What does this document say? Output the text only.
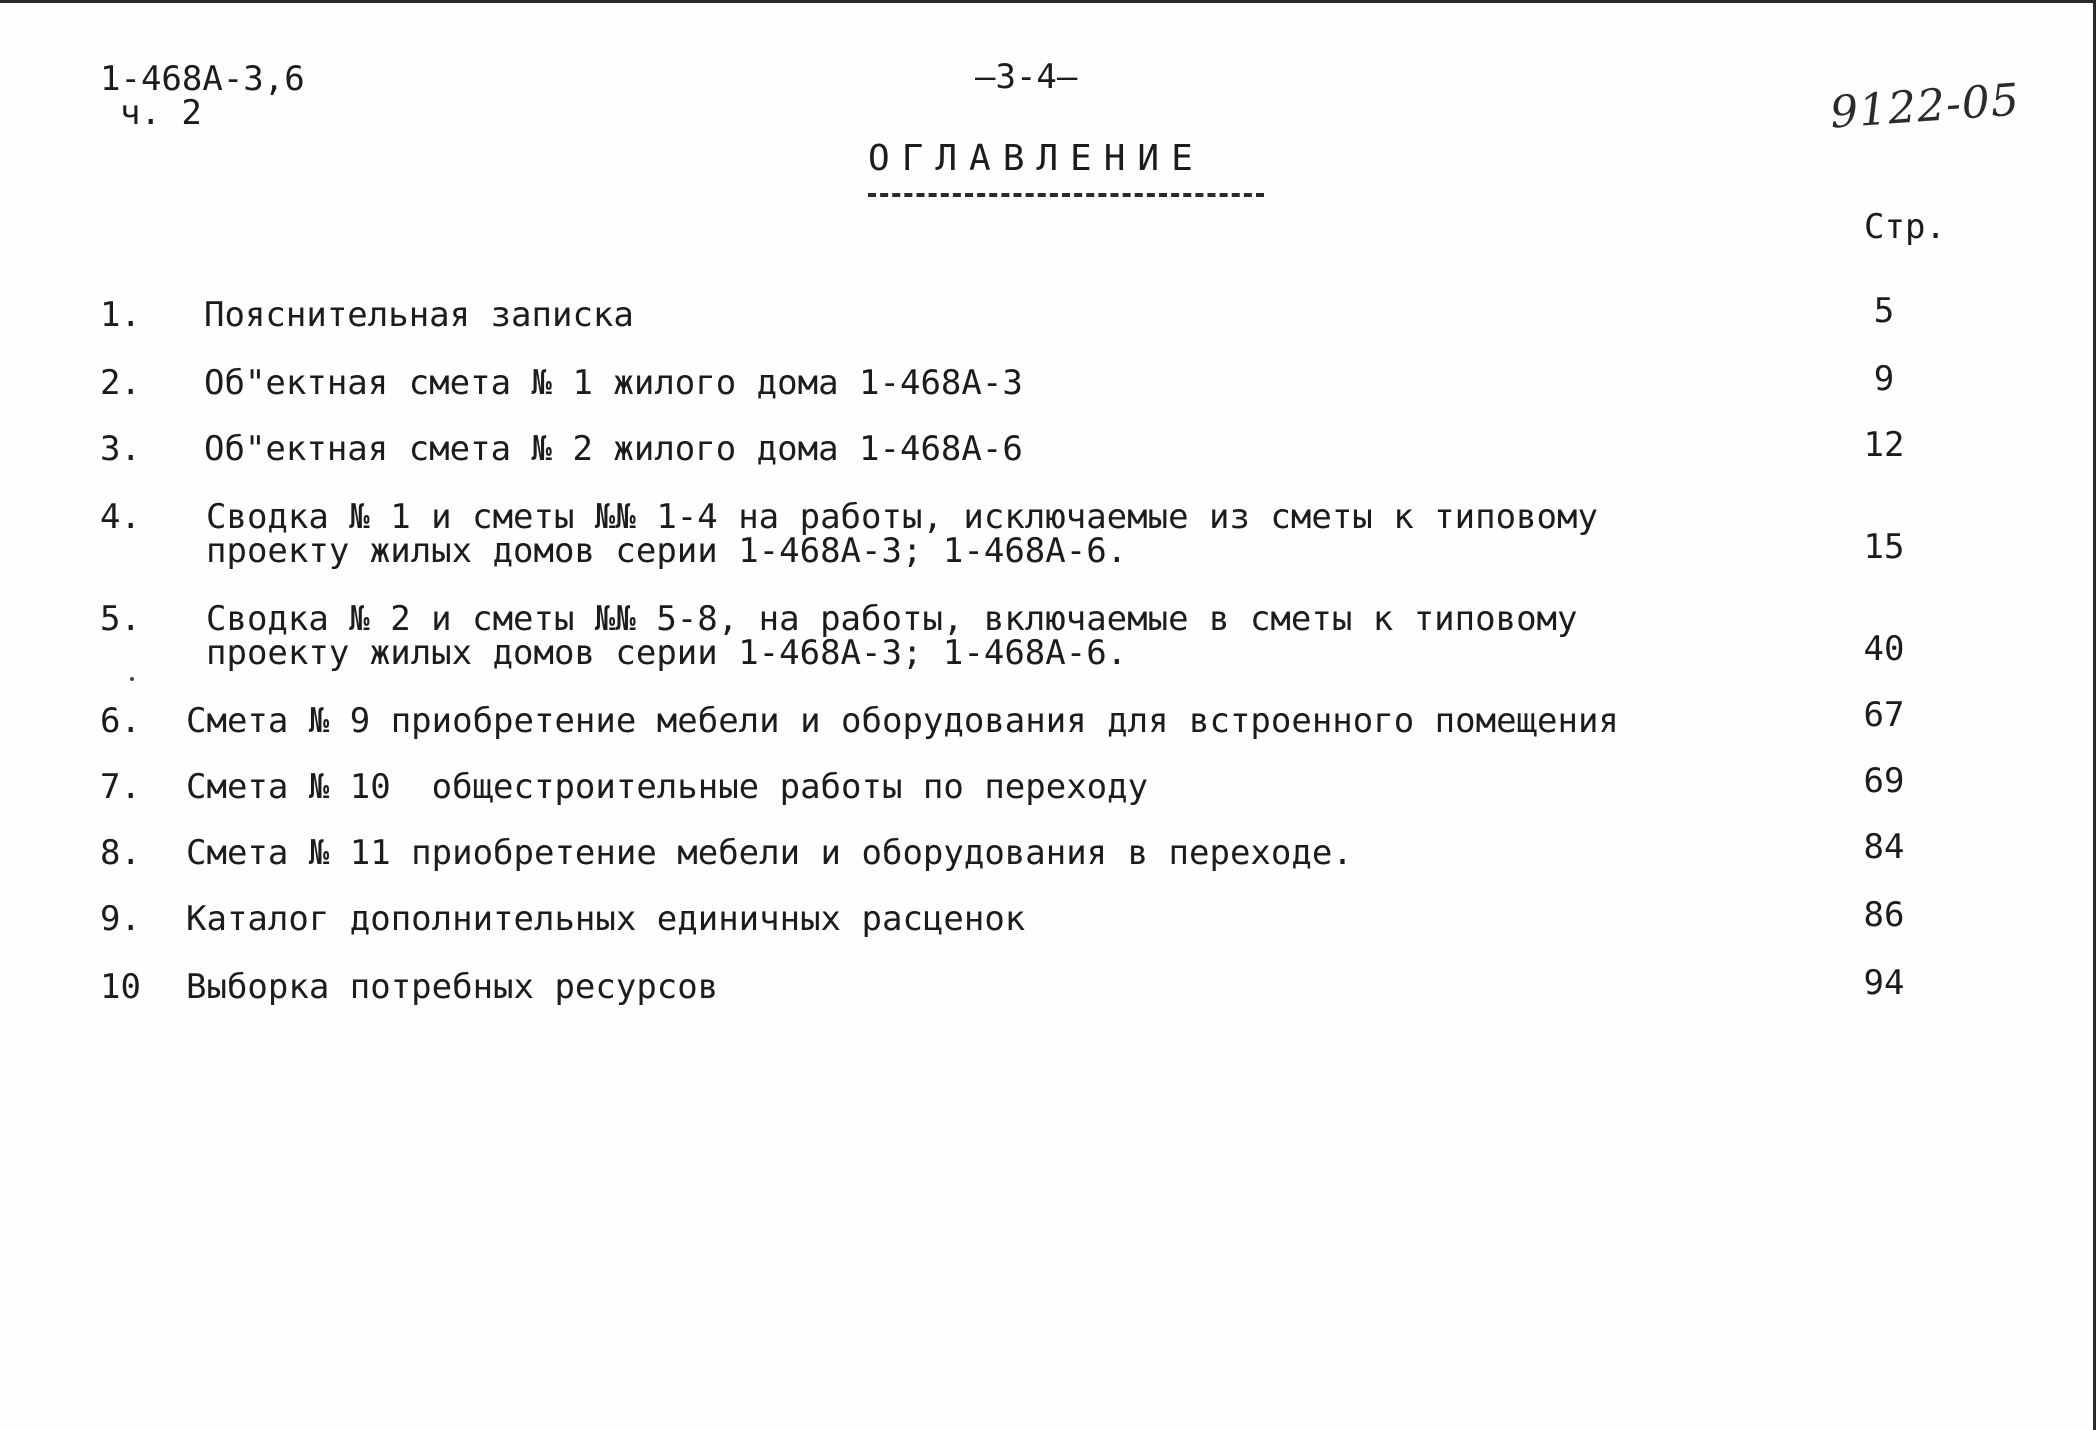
1-468А-3,6
ч. 2
—3-4—	9122-05
ОГЛАВЛЕНИЕ
Стр.
1. Пояснительная записка	5
2. Об"ектная смета № 1 жилого дома 1-468А-3	9
3. Об"ектная смета № 2 жилого дома 1-468А-6	12
4. Сводка № 1 и сметы №№ 1-4 на работы, исключаемые из сметы к типовому
проекту жилых домов серии 1-468А-3; 1-468А-6.	15
5. Сводка № 2 и сметы №№ 5-8, на работы, включаемые в сметы к типовому
проекту жилых домов серии 1-468А-3; 1-468А-6.	40
6. Смета № 9 приобретение мебели и оборудования для встроенного помещения	67
7. Смета № 10  общестроительные работы по переходу	69
8. Смета № 11 приобретение мебели и оборудования в переходе.	84
9. Каталог дополнительных единичных расценок	86
10 Выборка потребных ресурсов	94
